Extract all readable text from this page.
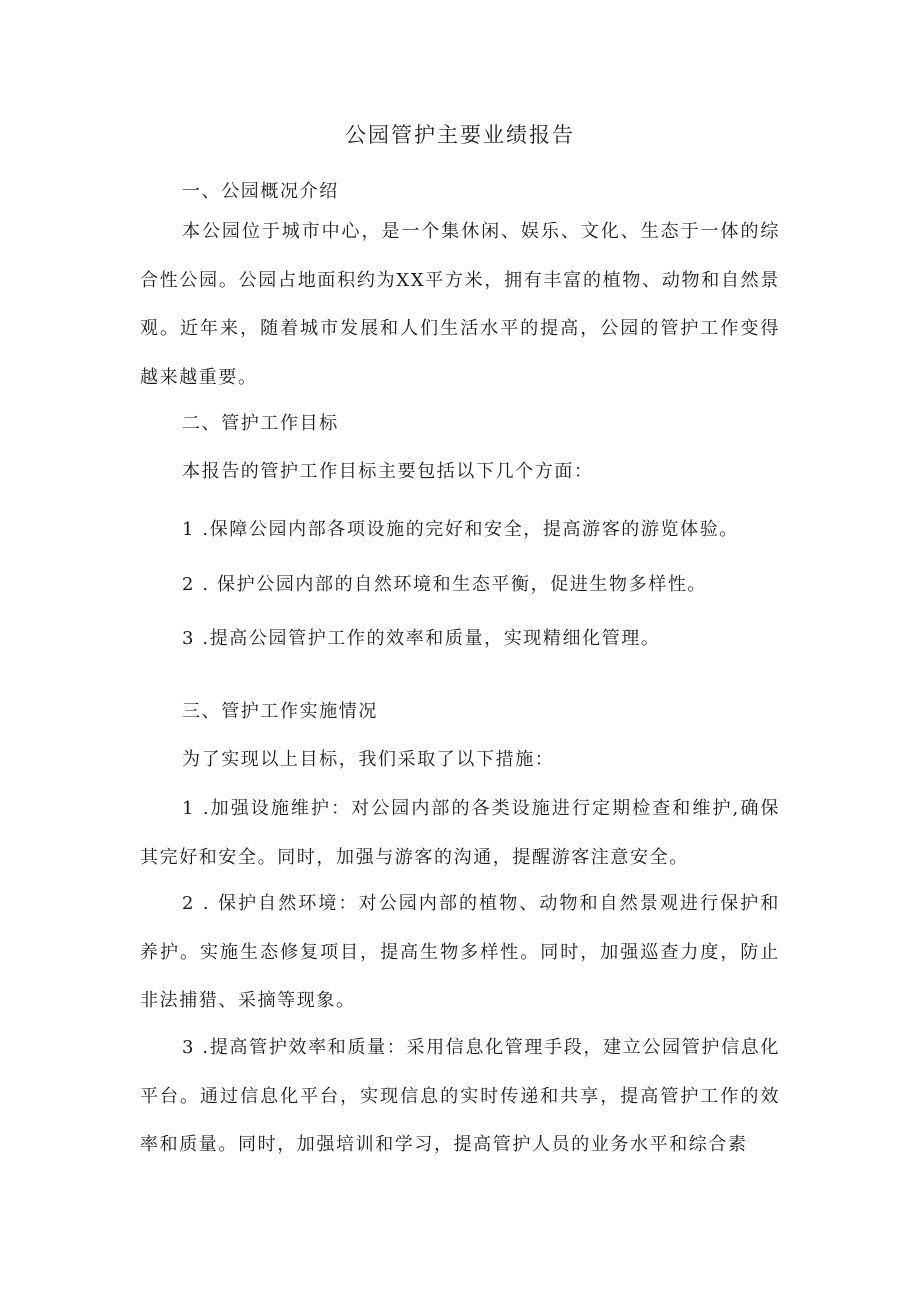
公园管护主要业绩报告

一、公园概况介绍

本公园位于城市中心，是一个集休闲、娱乐、文化、生态于一体的综合性公园。公园占地面积约为XX平方米，拥有丰富的植物、动物和自然景观。近年来，随着城市发展和人们生活水平的提高，公园的管护工作变得越来越重要。

二、管护工作目标

本报告的管护工作目标主要包括以下几个方面：

1 .保障公园内部各项设施的完好和安全，提高游客的游览体验。

2 . 保护公园内部的自然环境和生态平衡，促进生物多样性。

3 .提高公园管护工作的效率和质量，实现精细化管理。

三、管护工作实施情况

为了实现以上目标，我们采取了以下措施：

1 .加强设施维护：对公园内部的各类设施进行定期检查和维护,确保其完好和安全。同时，加强与游客的沟通，提醒游客注意安全。

2 . 保护自然环境：对公园内部的植物、动物和自然景观进行保护和养护。实施生态修复项目，提高生物多样性。同时，加强巡查力度，防止非法捕猎、采摘等现象。

3 .提高管护效率和质量：采用信息化管理手段，建立公园管护信息化平台。通过信息化平台，实现信息的实时传递和共享，提高管护工作的效率和质量。同时，加强培训和学习，提高管护人员的业务水平和综合素
